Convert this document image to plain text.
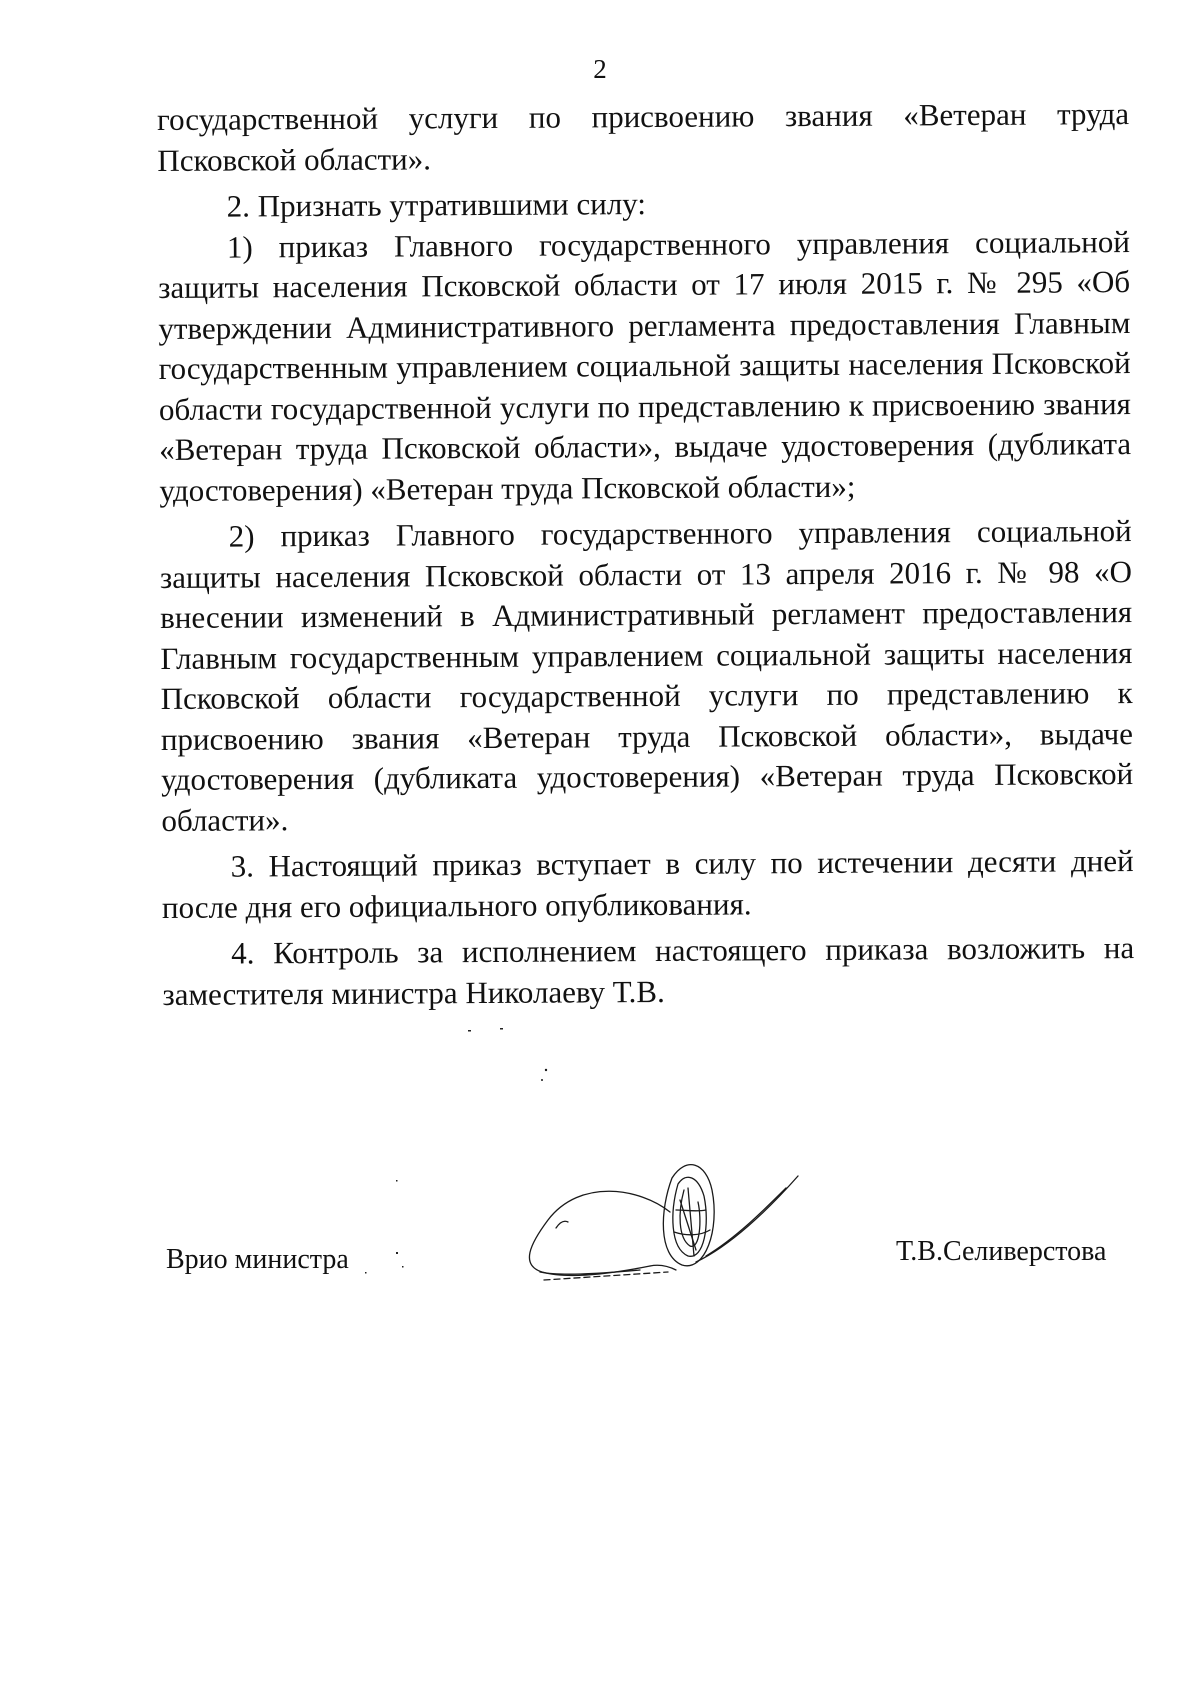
2

государственной услуги по присвоению звания «Ветеран труда Псковской области».

2. Признать утратившими силу:

1) приказ Главного государственного управления социальной защиты населения Псковской области от 17 июля 2015 г. № 295 «Об утверждении Административного регламента предоставления Главным государственным управлением социальной защиты населения Псковской области государственной услуги по представлению к присвоению звания «Ветеран труда Псковской области», выдаче удостоверения (дубликата удостоверения) «Ветеран труда Псковской области»;

2) приказ Главного государственного управления социальной защиты населения Псковской области от 13 апреля 2016 г. № 98 «О внесении изменений в Административный регламент предоставления Главным государственным управлением социальной защиты населения Псковской области государственной услуги по представлению к присвоению звания «Ветеран труда Псковской области», выдаче удостоверения (дубликата удостоверения) «Ветеран труда Псковской области».

3. Настоящий приказ вступает в силу по истечении десяти дней после дня его официального опубликования.

4. Контроль за исполнением настоящего приказа возложить на заместителя министра Николаеву Т.В.

Врио министра	Т.В.Селиверстова
